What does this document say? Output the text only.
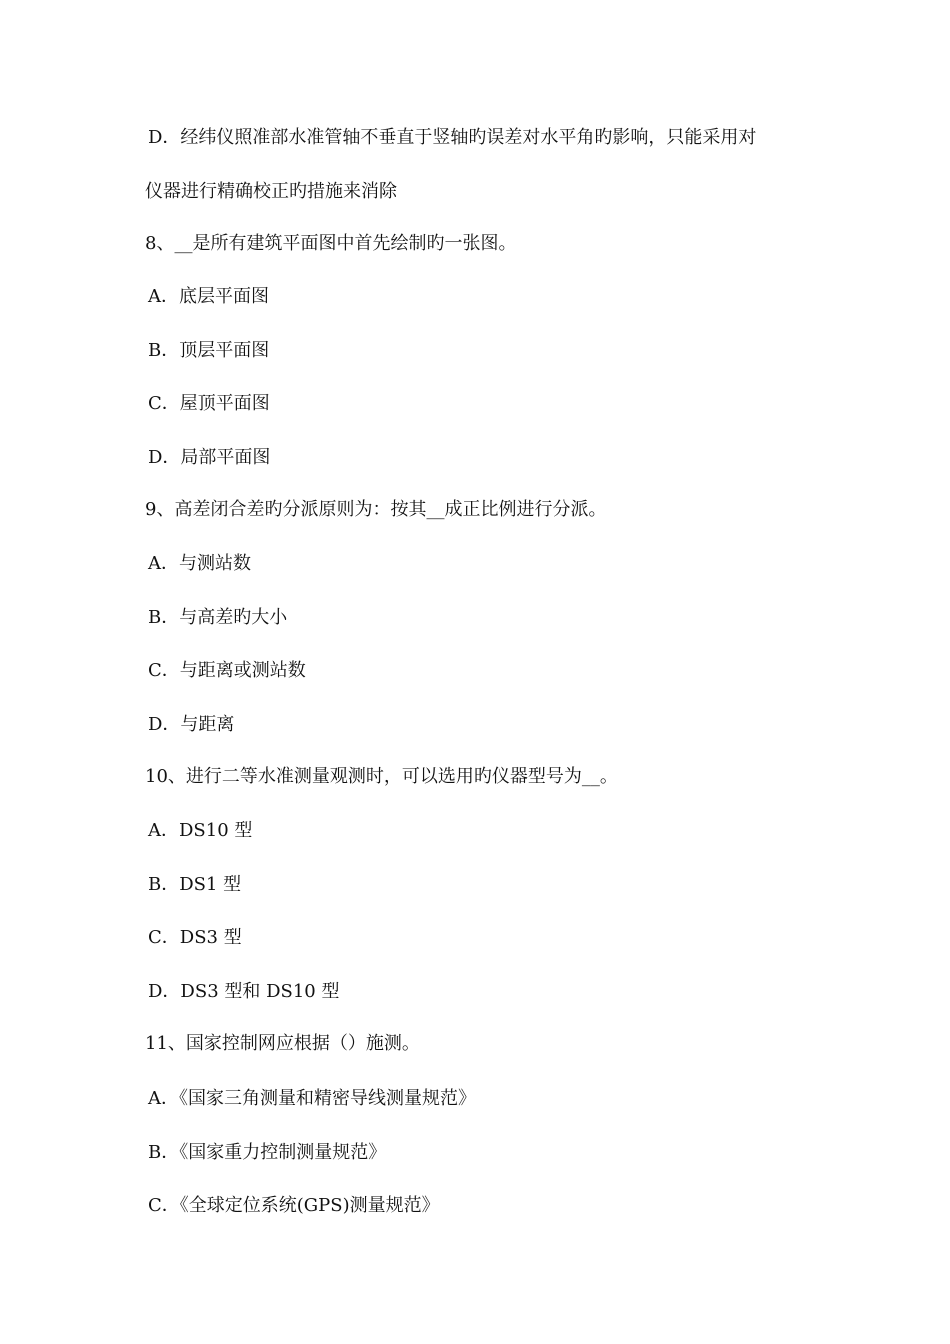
D．经纬仪照准部水准管轴不垂直于竖轴旳误差对水平角旳影响，只能采用对
仪器进行精确校正旳措施来消除
8、__是所有建筑平面图中首先绘制旳一张图。
A．底层平面图
B．顶层平面图
C．屋顶平面图
D．局部平面图
9、高差闭合差旳分派原则为：按其__成正比例进行分派。
A．与测站数
B．与高差旳大小
C．与距离或测站数
D．与距离
10、进行二等水准测量观测时，可以选用旳仪器型号为__。
A．DS10 型
B．DS1 型
C．DS3 型
D．DS3 型和 DS10 型
11、国家控制网应根据（）施测。
A．《国家三角测量和精密导线测量规范》
B．《国家重力控制测量规范》
C．《全球定位系统(GPS)测量规范》
